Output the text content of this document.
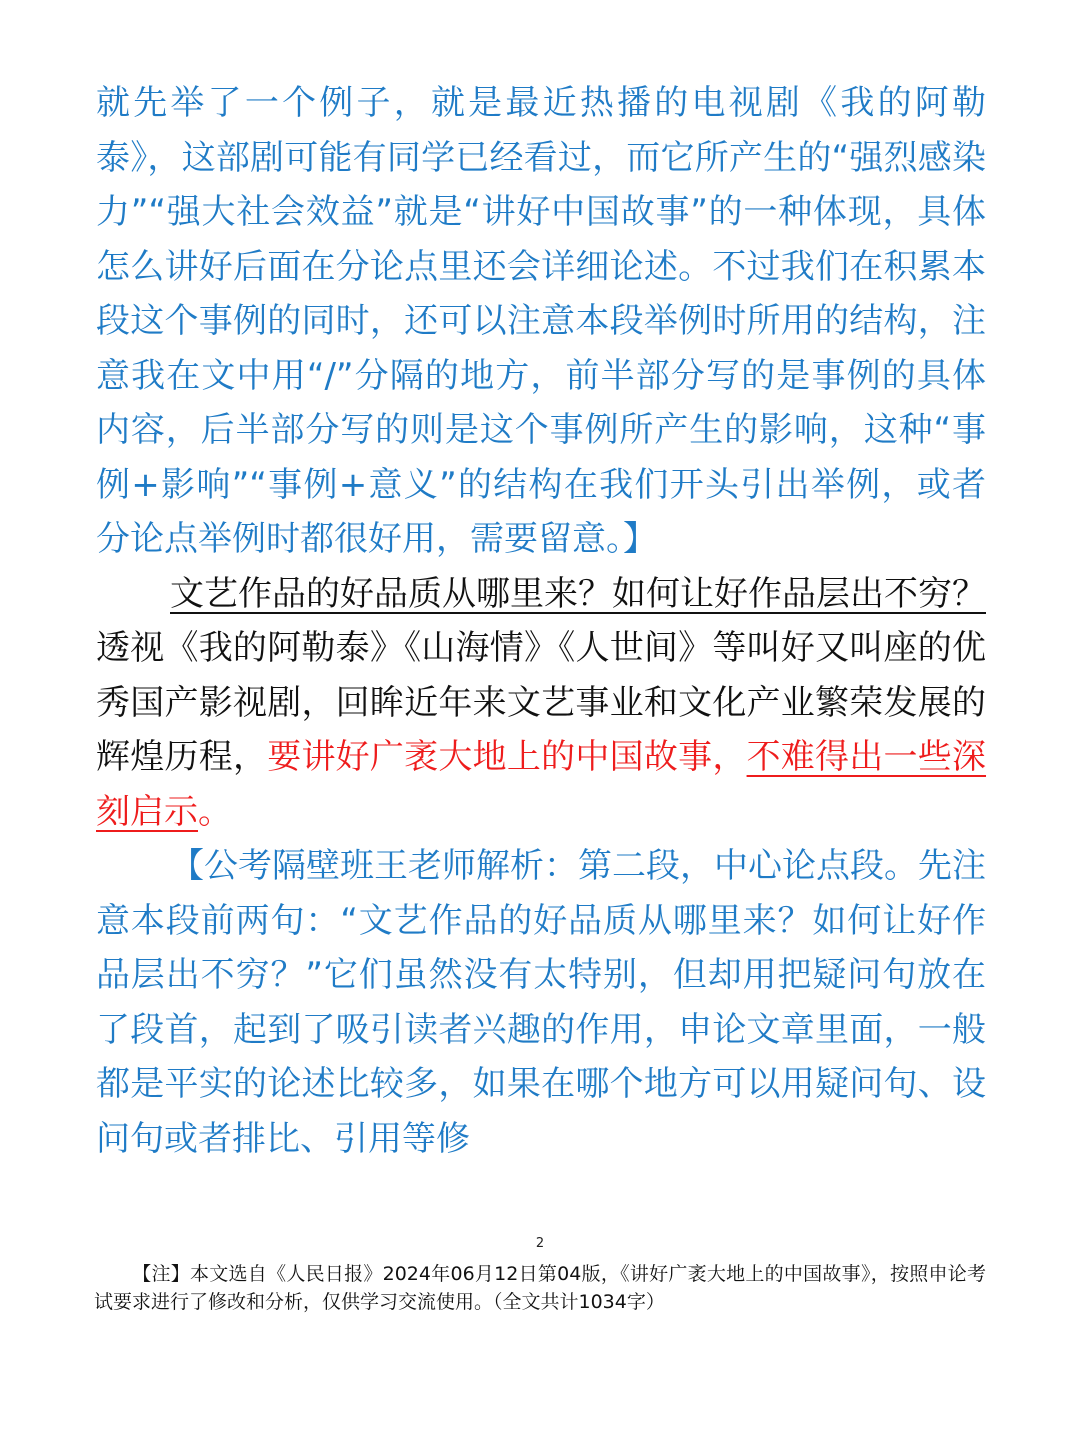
就先举了一个例子，就是最近热播的电视剧《我的阿勒泰》，这部剧可能有同学已经看过，而它所产生的“强烈感染力”“强大社会效益”就是“讲好中国故事”的一种体现，具体怎么讲好后面在分论点里还会详细论述。不过我们在积累本段这个事例的同时，还可以注意本段举例时所用的结构，注意我在文中用“/”分隔的地方，前半部分写的是事例的具体内容，后半部分写的则是这个事例所产生的影响，这种“事例+影响”“事例+意义”的结构在我们开头引出举例，或者分论点举例时都很好用，需要留意。】

文艺作品的好品质从哪里来？如何让好作品层出不穷？透视《我的阿勒泰》《山海情》《人世间》等叫好又叫座的优秀国产影视剧，回眸近年来文艺事业和文化产业繁荣发展的辉煌历程，要讲好广袤大地上的中国故事，不难得出一些深刻启示。

【公考隔壁班王老师解析：第二段，中心论点段。先注意本段前两句：“文艺作品的好品质从哪里来？如何让好作品层出不穷？”它们虽然没有太特别，但却用把疑问句放在了段首，起到了吸引读者兴趣的作用，申论文章里面，一般都是平实的论述比较多，如果在哪个地方可以用疑问句、设问句或者排比、引用等修

2
【注】本文选自《人民日报》2024年06月12日第04版，《讲好广袤大地上的中国故事》，按照申论考试要求进行了修改和分析，仅供学习交流使用。（全文共计1034字）
